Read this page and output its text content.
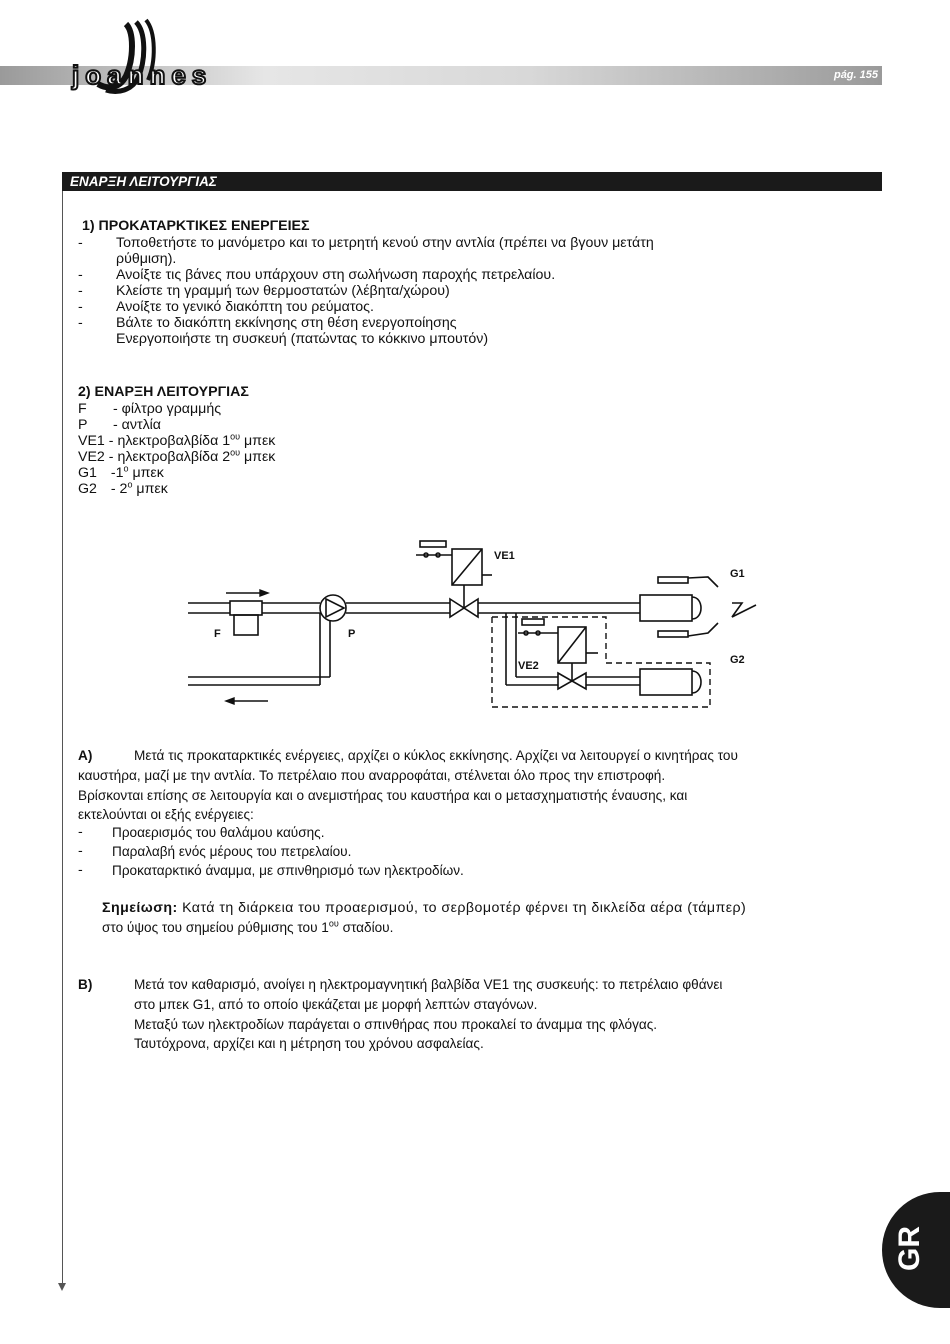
joannes	pág. 155
ΕΝΑΡΞΗ ΛΕΙΤΟΥΡΓΙΑΣ
1) ΠΡΟΚΑΤΑΡΚΤΙΚΕΣ ΕΝΕΡΓΕΙΕΣ
- Τοποθετήστε το μανόμετρο και το μετρητή κενού στην αντλία (πρέπει να βγουν μετάτη
ρύθμιση).
- Ανοίξτε τις βάνες που υπάρχουν στη σωλήνωση παροχής πετρελαίου.
- Κλείστε τη γραμμή των θερμοστατών (λέβητα/χώρου)
- Ανοίξτε το γενικό διακόπτη του ρεύματος.
- Βάλτε το διακόπτη εκκίνησης στη θέση ενεργοποίησης
Ενεργοποιήστε τη συσκευή (πατώντας το κόκκινο μπουτόν)
2) ΕΝΑΡΞΗ ΛΕΙΤΟΥΡΓΙΑΣ
F - φίλτρο γραμμής
P - αντλία
VE1 - ηλεκτροβαλβίδα $1^{o\upsilon}$ μπεκ
VE2 - ηλεκτροβαλβίδα $2^{o\upsilon}$ μπεκ
G1 $-1^o$ μπεκ
$G2 - 2^o$ μπεκ
VE1
G1
F	P
VE2	G2
A)	Μετά τις προκαταρκτικές ενέργειες, αρχίζει ο κύκλος εκκίνησης. Αρχίζει να λειτουργεί ο κινητήρας του
καυστήρα, μαζί με την αντλία. Το πετρέλαιο που αναρροφάται, στέλνεται όλο προς την επιστροφή.
Βρίσκονται επίσης σε λειτουργία και ο ανεμιστήρας του καυστήρα και ο μετασχηματιστής έναυσης, και
εκτελούνται οι εξής ενέργειες:
- Προαερισμός του θαλάμου καύσης.
- Παραλαβή ενός μέρους του πετρελαίου.
- Προκαταρκτικό άναμμα, με σπινθηρισμό των ηλεκτροδίων.
Σημείωση: Κατά τη διάρκεια του προαερισμού, το σερβομοτέρ φέρνει τη δικλείδα αέρα (τάμπερ)
στο ύψος του σημείου ρύθμισης του $1^{o\upsilon}$ σταδίου.
B)	Μετά τον καθαρισμό, ανοίγει η ηλεκτρομαγνητική βαλβίδα VE1 της συσκευής: το πετρέλαιο φθάνει
στο μπεκ G1, από το οποίο ψεκάζεται με μορφή λεπτών σταγόνων.
Μεταξύ των ηλεκτροδίων παράγεται ο σπινθήρας που προκαλεί το άναμμα της φλόγας.
Ταυτόχρονα, αρχίζει και η μέτρηση του χρόνου ασφαλείας.
GR
